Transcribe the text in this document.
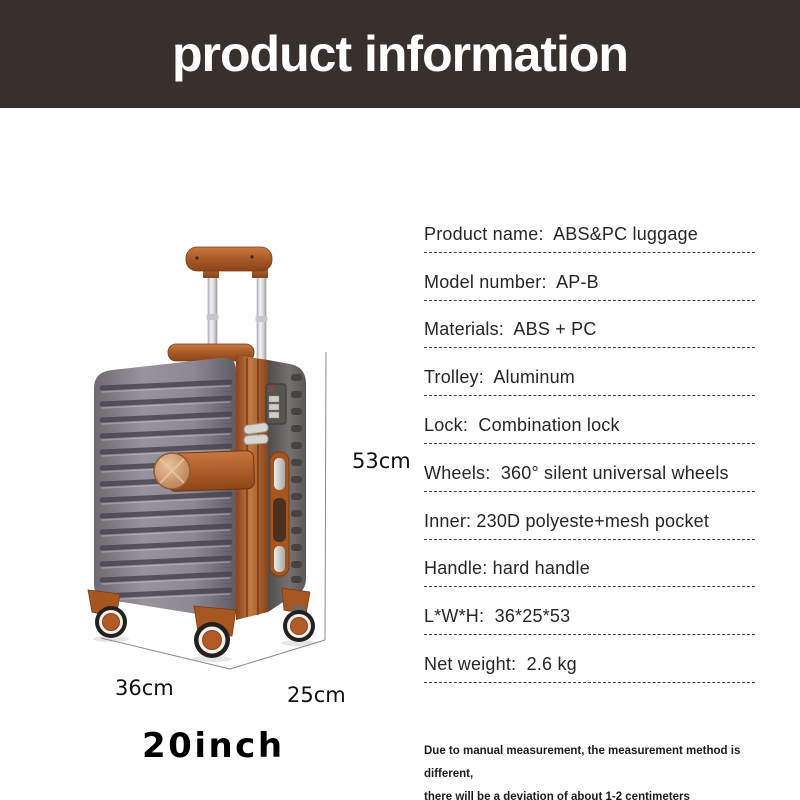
product information
53cm
36cm	25cm
20inch
Product name:  ABS&PC luggage
Model number:  AP-B
Materials:  ABS + PC
Trolley:  Aluminum
Lock:  Combination lock
Wheels:  360° silent universal wheels
Inner: 230D polyeste+mesh pocket
Handle: hard handle
L*W*H:  36*25*53
Net weight:  2.6 kg
Due to manual measurement, the measurement method is different,
there will be a deviation of about 1-2 centimeters
